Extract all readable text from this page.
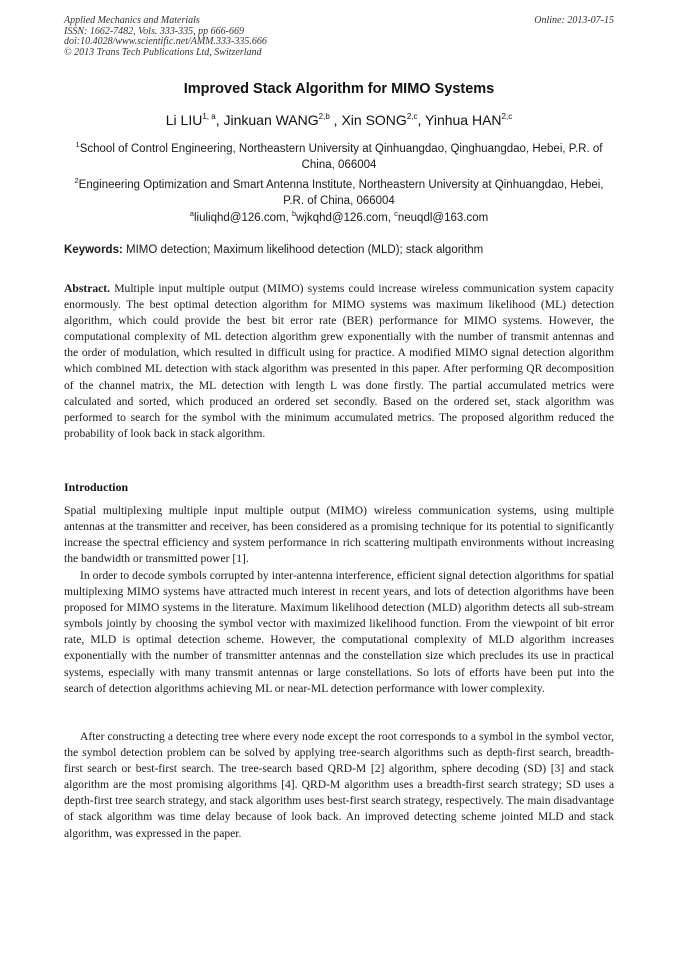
Applied Mechanics and Materials
ISSN: 1662-7482, Vols. 333-335, pp 666-669
doi:10.4028/www.scientific.net/AMM.333-335.666
© 2013 Trans Tech Publications Ltd, Switzerland
Online: 2013-07-15
Improved Stack Algorithm for MIMO Systems
Li LIU$^{1, a}$, Jinkuan WANG$^{2,b}$ , Xin SONG$^{2,c}$, Yinhua HAN$^{2,c}$
$^1$School of Control Engineering, Northeastern University at Qinhuangdao, Qinghuangdao, Hebei, P.R. of China, 066004
$^2$Engineering Optimization and Smart Antenna Institute, Northeastern University at Qinhuangdao, Hebei, P.R. of China, 066004
$^a$liuliqhd@126.com, $^b$wjkqhd@126.com, $^c$neuqdl@163.com
Keywords: MIMO detection; Maximum likelihood detection (MLD); stack algorithm
Abstract. Multiple input multiple output (MIMO) systems could increase wireless communication system capacity enormously. The best optimal detection algorithm for MIMO systems was maximum likelihood (ML) detection algorithm, which could provide the best bit error rate (BER) performance for MIMO systems. However, the computational complexity of ML detection algorithm grew exponentially with the number of transmit antennas and the order of modulation, which resulted in difficult using for practice. A modified MIMO signal detection algorithm which combined ML detection with stack algorithm was presented in this paper. After performing QR decomposition of the channel matrix, the ML detection with length L was done firstly. The partial accumulated metrics were calculated and sorted, which produced an ordered set secondly. Based on the ordered set, stack algorithm was performed to search for the symbol with the minimum accumulated metrics. The proposed algorithm reduced the probability of look back in stack algorithm.
Introduction
Spatial multiplexing multiple input multiple output (MIMO) wireless communication systems, using multiple antennas at the transmitter and receiver, has been considered as a promising technique for its potential to significantly increase the spectral efficiency and system performance in rich scattering multipath environments without increasing the bandwidth or transmitted power [1].
In order to decode symbols corrupted by inter-antenna interference, efficient signal detection algorithms for spatial multiplexing MIMO systems have attracted much interest in recent years, and lots of detection algorithms have been proposed for MIMO systems in the literature. Maximum likelihood detection (MLD) algorithm detects all sub-stream symbols jointly by choosing the symbol vector with maximized likelihood function. From the viewpoint of bit error rate, MLD is optimal detection scheme. However, the computational complexity of MLD algorithm increases exponentially with the number of transmitter antennas and the constellation size which precludes its use in practical systems, especially with many transmit antennas or large constellations. So lots of efforts have been put into the search of detection algorithms achieving ML or near-ML detection performance with lower complexity.
After constructing a detecting tree where every node except the root corresponds to a symbol in the symbol vector, the symbol detection problem can be solved by applying tree-search algorithms such as depth-first search, breadth-first search or best-first search. The tree-search based QRD-M [2] algorithm, sphere decoding (SD) [3] and stack algorithm are the most promising algorithms [4]. QRD-M algorithm uses a breadth-first search strategy; SD uses a depth-first tree search strategy, and stack algorithm uses best-first search strategy, respectively. The main disadvantage of stack algorithm was time delay because of look back. An improved detecting scheme jointed MLD and stack algorithm, was expressed in the paper.
